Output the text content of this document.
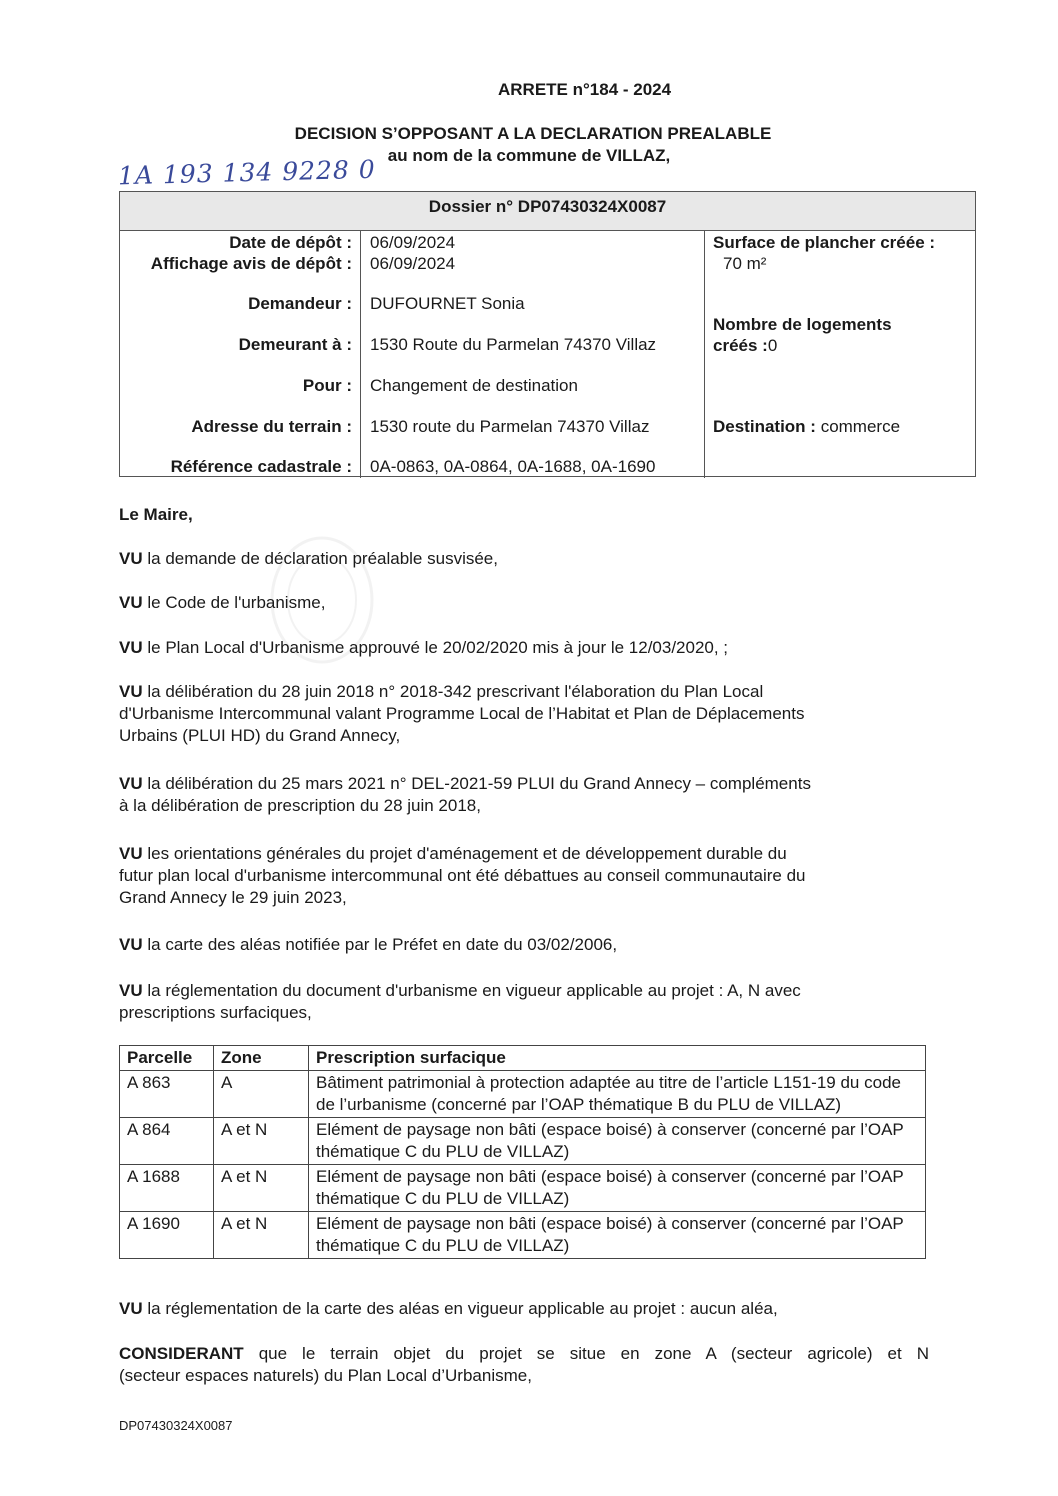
ARRETE n°184 - 2024
DECISION S’OPPOSANT A LA DECLARATION PREALABLE
au nom de la commune de VILLAZ,
1A 193 134 9228 0
Dossier n° DP07430324X0087
Date de dépôt : 06/09/2024
Affichage avis de dépôt : 06/09/2024
Demandeur : DUFOURNET Sonia
Demeurant à : 1530 Route du Parmelan 74370 Villaz
Pour : Changement de destination
Adresse du terrain : 1530 route du Parmelan 74370 Villaz
Référence cadastrale : 0A-0863, 0A-0864, 0A-1688, 0A-1690
Surface de plancher créée :
70 m²
Nombre de logements
créés :0
Destination : commerce
Le Maire,
VU la demande de déclaration préalable susvisée,
VU le Code de l'urbanisme,
VU le Plan Local d'Urbanisme approuvé le 20/02/2020 mis à jour le 12/03/2020, ;
VU la délibération du 28 juin 2018 n° 2018-342 prescrivant l'élaboration du Plan Local
d'Urbanisme Intercommunal valant Programme Local de l’Habitat et Plan de Déplacements
Urbains (PLUI HD) du Grand Annecy,
VU la délibération du 25 mars 2021 n° DEL-2021-59 PLUI du Grand Annecy – compléments
à la délibération de prescription du 28 juin 2018,
VU les orientations générales du projet d'aménagement et de développement durable du
futur plan local d'urbanisme intercommunal ont été débattues au conseil communautaire du
Grand Annecy le 29 juin 2023,
VU la carte des aléas notifiée par le Préfet en date du 03/02/2006,
VU la réglementation du document d'urbanisme en vigueur applicable au projet : A, N avec
prescriptions surfaciques,
Parcelle	Zone	Prescription surfacique
A 863	A	Bâtiment patrimonial à protection adaptée au titre de l’article L151-19 du code de l’urbanisme (concerné par l’OAP thématique B du PLU de VILLAZ)
A 864	A et N	Elément de paysage non bâti (espace boisé) à conserver (concerné par l’OAP thématique C du PLU de VILLAZ)
A 1688	A et N	Elément de paysage non bâti (espace boisé) à conserver (concerné par l’OAP thématique C du PLU de VILLAZ)
A 1690	A et N	Elément de paysage non bâti (espace boisé) à conserver (concerné par l’OAP thématique C du PLU de VILLAZ)
VU la réglementation de la carte des aléas en vigueur applicable au projet : aucun aléa,
CONSIDERANT que le terrain objet du projet se situe en zone A (secteur agricole) et N
(secteur espaces naturels) du Plan Local d’Urbanisme,
DP07430324X0087
